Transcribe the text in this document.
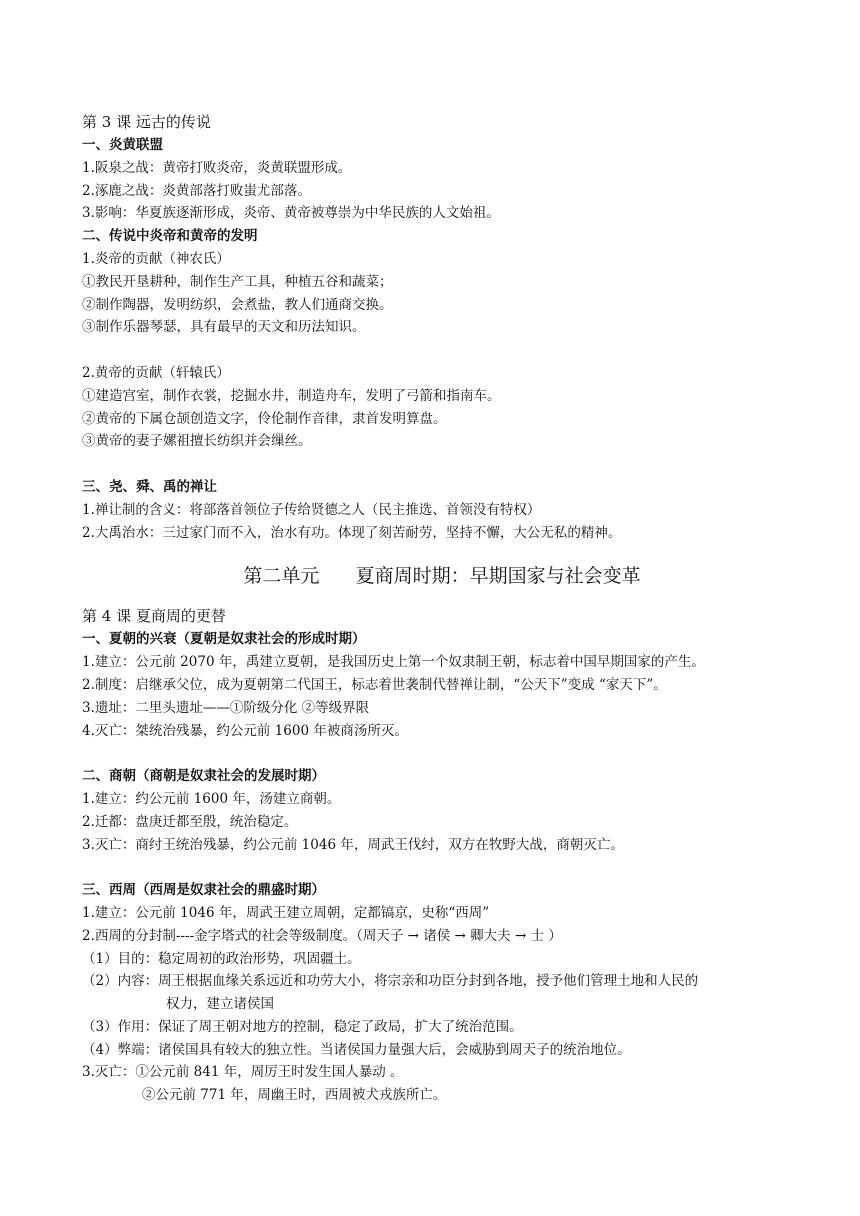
第 3 课 远古的传说
一、炎黄联盟
1.阪泉之战：黄帝打败炎帝，炎黄联盟形成。
2.涿鹿之战：炎黄部落打败蚩尤部落。
3.影响：华夏族逐渐形成，炎帝、黄帝被尊崇为中华民族的人文始祖。
二、传说中炎帝和黄帝的发明
1.炎帝的贡献（神农氏）
①教民开垦耕种，制作生产工具，种植五谷和蔬菜；
②制作陶器，发明纺织，会煮盐，教人们通商交换。
③制作乐器琴瑟，具有最早的天文和历法知识。
2.黄帝的贡献（轩辕氏）
①建造宫室，制作衣裳，挖掘水井，制造舟车，发明了弓箭和指南车。
②黄帝的下属仓颉创造文字，伶伦制作音律，隶首发明算盘。
③黄帝的妻子嫘祖擅长纺织并会缫丝。
三、尧、舜、禹的禅让
1.禅让制的含义：将部落首领位子传给贤德之人（民主推选、首领没有特权）
2.大禹治水：三过家门而不入，治水有功。体现了刻苦耐劳，坚持不懈，大公无私的精神。
第二单元      夏商周时期：早期国家与社会变革
第 4 课 夏商周的更替
一、夏朝的兴衰（夏朝是奴隶社会的形成时期）
1.建立：公元前 2070 年，禹建立夏朝，是我国历史上第一个奴隶制王朝，标志着中国早期国家的产生。
2.制度：启继承父位，成为夏朝第二代国王，标志着世袭制代替禅让制，“公天下”变成 “家天下”。
3.遗址：二里头遗址——①阶级分化 ②等级界限
4.灭亡：桀统治残暴，约公元前 1600 年被商汤所灭。
二、商朝（商朝是奴隶社会的发展时期）
1.建立：约公元前 1600 年，汤建立商朝。
2.迁都：盘庚迁都至殷，统治稳定。
3.灭亡：商纣王统治残暴，约公元前 1046 年，周武王伐纣，双方在牧野大战，商朝灭亡。
三、西周（西周是奴隶社会的鼎盛时期）
1.建立：公元前 1046 年，周武王建立周朝，定都镐京，史称“西周”
2.西周的分封制----金字塔式的社会等级制度。（周天子 → 诸侯 → 卿大夫 → 士 ）
（1）目的：稳定周初的政治形势，巩固疆土。
（2）内容：周王根据血缘关系远近和功劳大小，将宗亲和功臣分封到各地，授予他们管理土地和人民的
权力，建立诸侯国
（3）作用：保证了周王朝对地方的控制，稳定了政局，扩大了统治范围。
（4）弊端：诸侯国具有较大的独立性。当诸侯国力量强大后，会威胁到周天子的统治地位。
3.灭亡：①公元前 841 年，周厉王时发生国人暴动 。
②公元前 771 年，周幽王时，西周被犬戎族所亡。
